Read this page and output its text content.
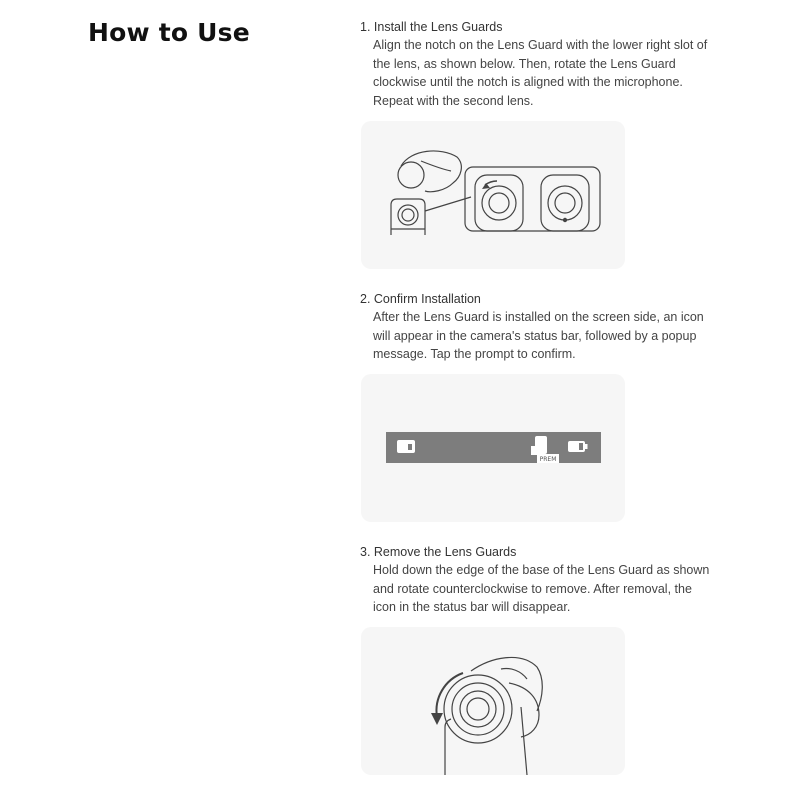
How to Use	1. Install the Lens Guards
Align the notch on the Lens Guard with the lower right slot of
the lens, as shown below. Then, rotate the Lens Guard
clockwise until the notch is aligned with the microphone.
Repeat with the second lens.
2. Confirm Installation
After the Lens Guard is installed on the screen side, an icon
will appear in the camera's status bar, followed by a popup
message. Tap the prompt to confirm.
PREM
3. Remove the Lens Guards
Hold down the edge of the base of the Lens Guard as shown
and rotate counterclockwise to remove. After removal, the
icon in the status bar will disappear.
